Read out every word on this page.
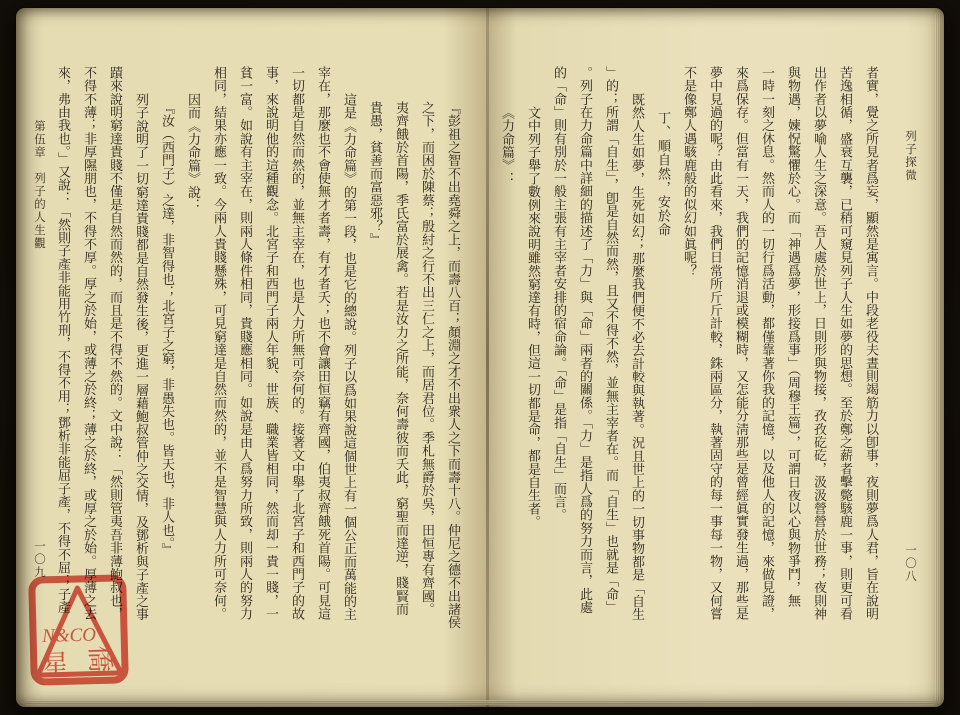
第伍章　列子的人生觀
一〇九	『彭祖之智不出堯舜之上，而壽八百；顏淵之才不出衆人之下而壽十八。仲尼之德不出諸侯
之下，而困於陳蔡；殷紂之行不出三仁之上，而居君位。季札無爵於吳，田恒專有齊國。
夷齊餓於首陽，季氏富於展禽。若是汝力之所能，奈何壽彼而夭此，窮聖而達逆，賤賢而
貴愚，貧善而富惡邪？』
這是《力命篇》的第一段，也是它的總說。列子以爲如果說這個世上有一個公正而萬能的主
宰在，那麼也不會使無才者壽，有才者夭；也不會讓田恒竊有齊國，伯夷叔齊餓死首陽。可見這
一切都是自然而然的，並無主宰在，也是人力所無可奈何的。接著文中舉了北宮子和西門子的故
事，來說明他的這種觀念。北宮子和西門子兩人年貌、世族、職業皆相同，然而却一貴一賤，一
貧一富。如說有主宰在，則兩人條件相同，貴賤應相同。如說是由人爲努力所致，則兩人的努力
相同，結果亦應一致。今兩人貴賤懸殊，可見窮達是自然而然的，並不是智慧與人力所可奈何。
因而《力命篇》說：
『汝（西門子）之達，非智得也；北宮子之窮，非愚失也。皆天也，非人也。』
列子說明了一切窮達貴賤都是自然發生後，更進一層藉鮑叔管仲之交情，及鄧析與子產之事
蹟來說明窮達貴賤不僅是自然而然的，而且是不得不然的。文中說：「然則管夷吾非薄鮑叔也，
不得不薄；非厚隰朋也，不得不厚。厚之於始，或薄之於終；薄之於終，或厚之於始。厚薄之去
來，弗由我也。」又說：「然則子產非能用竹刑，不得不用；鄧析非能屈子產，不得不屈；子產	列子探微
一〇八
者實，覺之所見者爲妄，顯然是寓言。中段老役夫晝則竭筋力以卽事，夜則夢爲人君，旨在說明
苦逸相循，盛衰互襲，已稍可窺見列子人生如夢的思想。至於鄭之薪者擊斃駭鹿一事，則更可看
出作者以夢喻人生之深意。吾人處於世上，日則形與物接，孜孜矻矻，汲汲營營於世務；夜則神
與物遇，媡怳驚懼於心。而「神遇爲夢，形接爲事」（周穆王篇），可謂日夜以心與物爭鬥，無
一時一刻之休息。然而人的一切行爲活動，都僅靠著你我的記憶，以及他人的記憶，來做見證，
來爲保存。但當有一天，我們的記憶消退或模糊時，又怎能分淸那些是曾經眞實發生過，那些是
夢中見過的呢？由此看來，我們日常所斤斤計較，銖兩區分，執著固守的每一事每一物，又何嘗
不是像鄭人遇駭鹿般的似幻如眞呢？
丁、順自然，安於命
既然人生如夢，生死如幻；那麼我們便不必去計較與執著。況且世上的一切事物都是「自生
」的；所謂「自生」，卽是自然而然，且又不得不然，並無主宰者在。而「自生」也就是「命」
。列子在力命篇中詳細的描述了「力」與「命」兩者的關係。「力」是指人爲的努力而言，此處
的「命」則有別於一般主張有主宰者安排的宿命論。「命」是指「自生」而言。
文中列子舉了數例來說明雖然窮達有時，但這一切都是命，都是自生者。
《力命篇》：
N&CO
星 僑
